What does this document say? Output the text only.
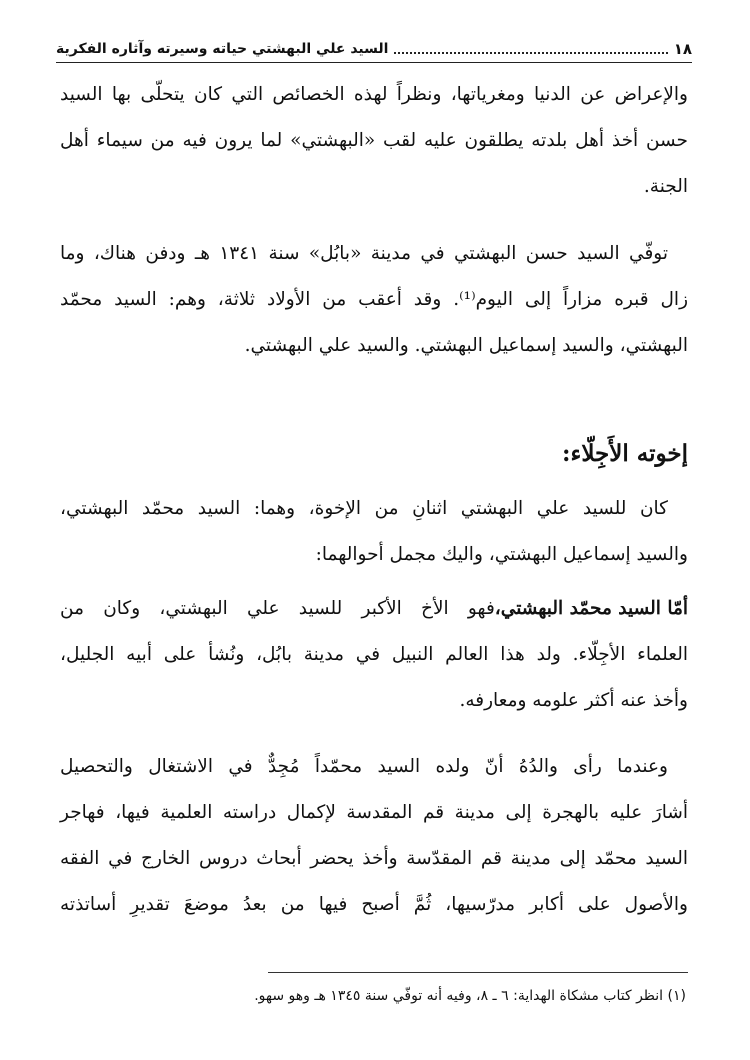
١٨
السيد علي البهشتي حياته وسيرته وآثاره الفكرية
والإعراض عن الدنيا ومغرياتها، ونظراً لهذه الخصائص التي كان يتحلّى بها السيد
حسن أخذ أهل بلدته يطلقون عليه لقب «البهشتي» لما يرون فيه من سيماء أهل
الجنة.
توفّي السيد حسن البهشتي في مدينة «بابُل» سنة ١٣٤١ هـ ودفن هناك، وما
زال قبره مزاراً إلى اليوم⁽¹⁾. وقد أعقب من الأولاد ثلاثة، وهم: السيد محمّد
البهشتي، والسيد إسماعيل البهشتي. والسيد علي البهشتي.
إخوته الأَجِلّاء:
كان للسيد علي البهشتي اثنانِ من الإخوة، وهما: السيد محمّد البهشتي،
والسيد إسماعيل البهشتي، واليك مجمل أحوالهما:
أمّا السيد محمّد البهشتي،
فهو الأخ الأكبر للسيد علي البهشتي، وكان من
العلماء الأجِلّاء. ولد هذا العالم النبيل في مدينة بابُل، ونُشأ على أبيه الجليل،
وأخذ عنه أكثر علومه ومعارفه.
وعندما رأى والدُهُ أنّ ولده السيد محمّداً مُجِدٌّ في الاشتغال والتحصيل
أشارَ عليه بالهجرة إلى مدينة قم المقدسة لإكمال دراسته العلمية فيها، فهاجر
السيد محمّد إلى مدينة قم المقدّسة وأخذ يحضر أبحاث دروس الخارج في الفقه
والأصول على أكابر مدرّسيها، ثُمَّ أصبح فيها من بعدُ موضعَ تقديرِ أساتذته
(١) انظر كتاب مشكاة الهداية: ٦ ـ ٨، وفيه أنه توفّي سنة ١٣٤٥ هـ وهو سهو.
